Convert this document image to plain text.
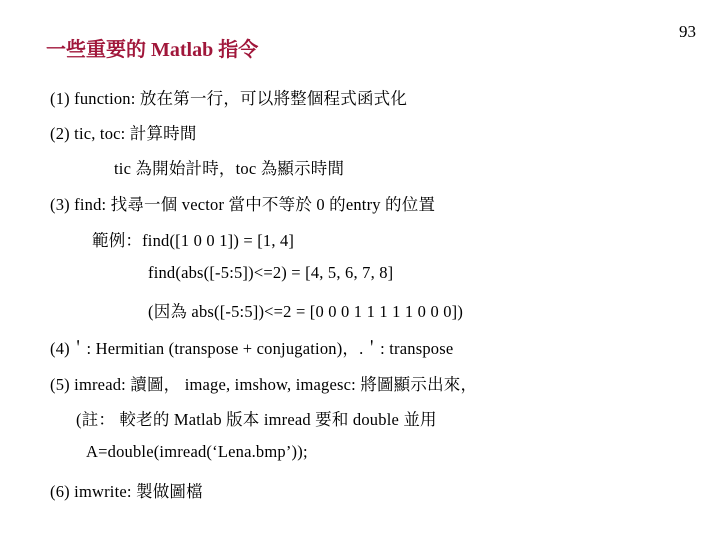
93
一些重要的 Matlab 指令
(1) function: 放在第一行，可以將整個程式函式化
(2) tic, toc: 計算時間
tic 為開始計時，toc 為顯示時間
(3) find: 找尋一個 vector 當中不等於 0 的entry 的位置
範例：find([1 0 0 1]) = [1, 4]
find(abs([-5:5])<=2) = [4, 5, 6, 7, 8]
(因為 abs([-5:5])<=2 = [0 0 0 1 1 1 1 1 0 0 0])
(4)＇: Hermitian (transpose + conjugation)，.＇: transpose
(5) imread: 讀圖， image, imshow, imagesc: 將圖顯示出來，
(註： 較老的 Matlab 版本 imread 要和 double 並用
A=double(imread(‘Lena.bmp’));
(6) imwrite: 製做圖檔
